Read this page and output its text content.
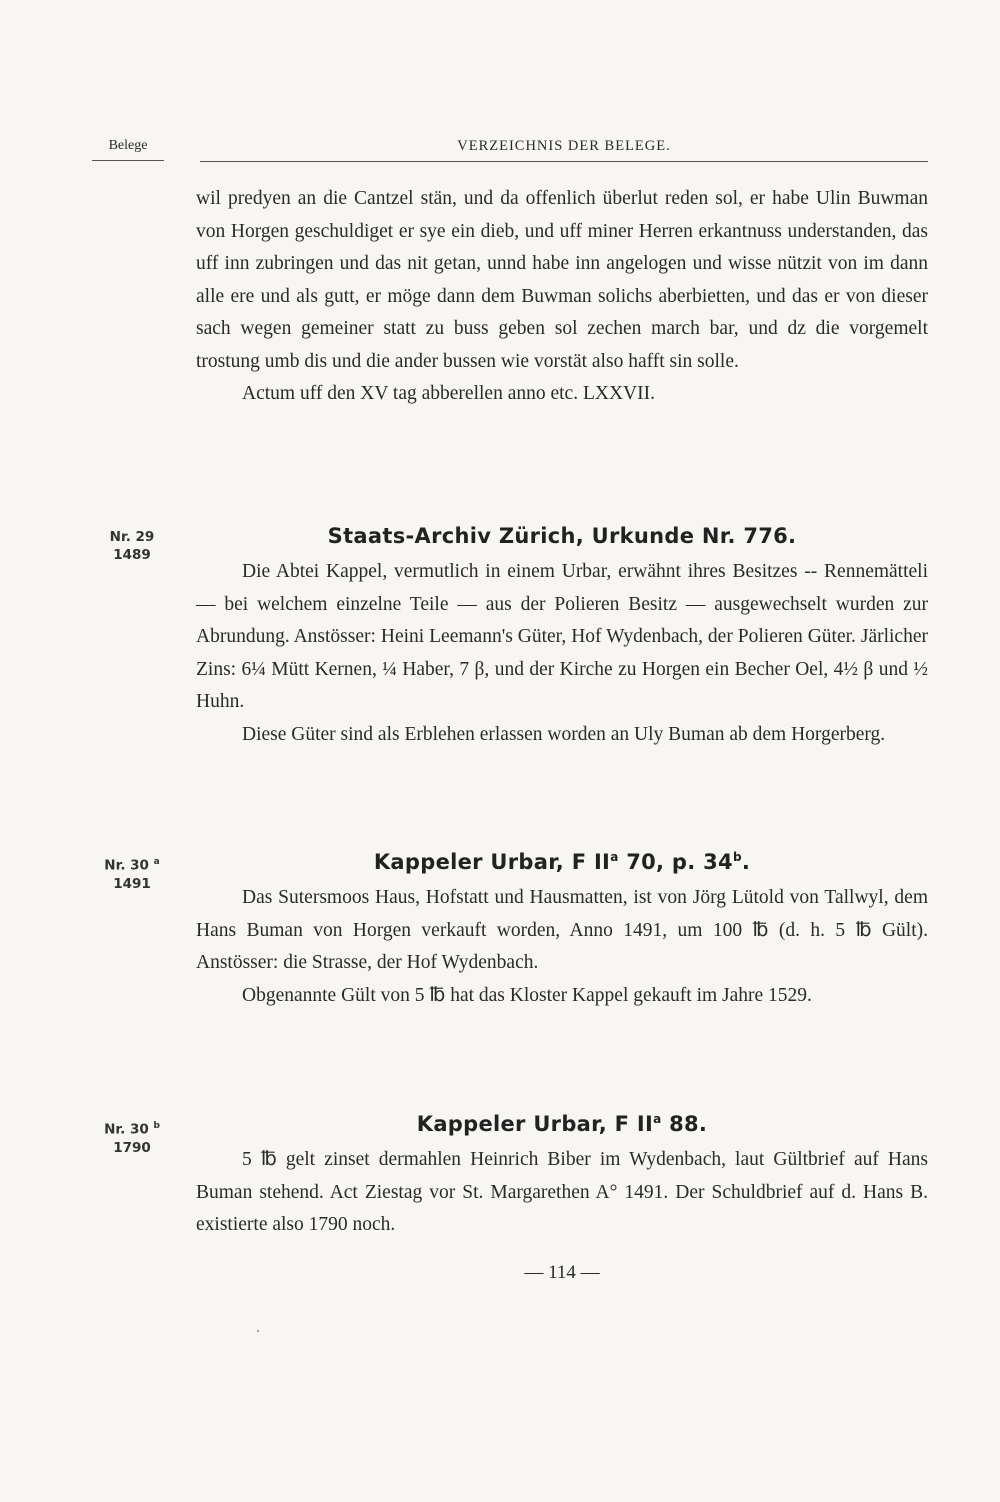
Belege	VERZEICHNIS DER BELEGE.

wil predyen an die Cantzel stän, und da offenlich überlut reden sol, er habe Ulin Buwman von Horgen geschuldiget er sye ein dieb, und uff miner Herren erkantnuss understanden, das uff inn zubringen und das nit getan, unnd habe inn angelogen und wisse nützit von im dann alle ere und als gutt, er möge dann dem Buwman solichs aberbietten, und das er von dieser sach wegen gemeiner statt zu buss geben sol zechen march bar, und dz die vorgemelt trostung umb dis und die ander bussen wie vorstät also hafft sin solle.

Actum uff den XV tag abberellen anno etc. LXXVII.

Nr. 29
1489
Staats-Archiv Zürich, Urkunde Nr. 776.

Die Abtei Kappel, vermutlich in einem Urbar, erwähnt ihres Besitzes -- Rennemätteli — bei welchem einzelne Teile — aus der Polieren Besitz — ausgewechselt wurden zur Abrundung. Anstösser: Heini Leemann's Güter, Hof Wydenbach, der Polieren Güter. Järlicher Zins: 6¼ Mütt Kernen, ¼ Haber, 7 β, und der Kirche zu Horgen ein Becher Oel, 4½ β und ½ Huhn.

Diese Güter sind als Erblehen erlassen worden an Uly Buman ab dem Horgerberg.

Nr. 30 $^a$
1491
Kappeler Urbar, F $II^a$ 70, p. 34$^b$.

Das Sutersmoos Haus, Hofstatt und Hausmatten, ist von Jörg Lütold von Tallwyl, dem Hans Buman von Horgen verkauft worden, Anno 1491, um 100 ℔ (d. h. 5 ℔ Gült). Anstösser: die Strasse, der Hof Wydenbach.

Obgenannte Gült von 5 ℔ hat das Kloster Kappel gekauft im Jahre 1529.

Nr. 30 $^b$
1790
Kappeler Urbar, F $II^a$ 88.

5 ℔ gelt zinset dermahlen Heinrich Biber im Wydenbach, laut Gültbrief auf Hans Buman stehend. Act Ziestag vor St. Margarethen A° 1491. Der Schuldbrief auf d. Hans B. existierte also 1790 noch.

— 114 —
